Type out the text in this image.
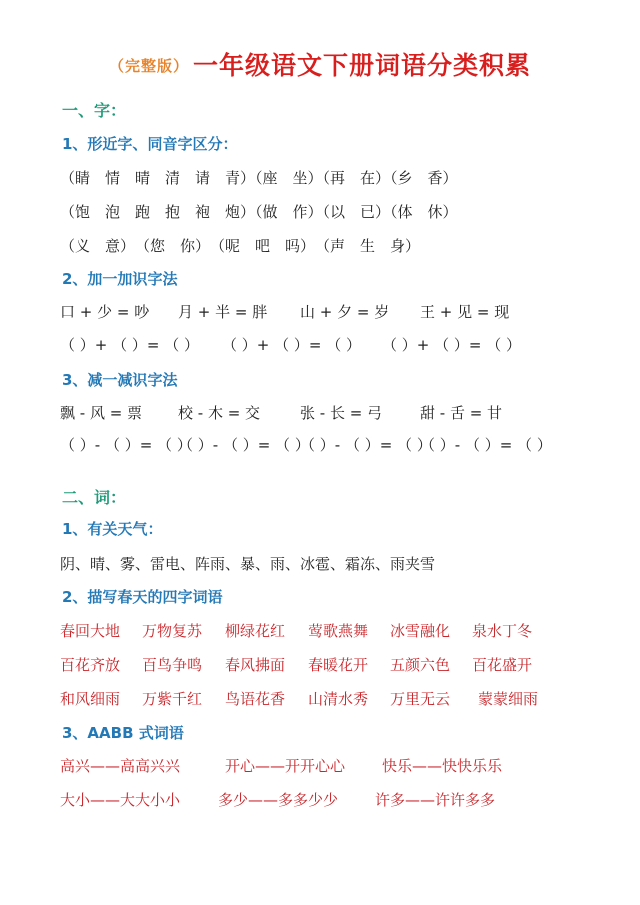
（完整版） 一年级语文下册词语分类积累
一、字：
1、形近字、同音字区分：
（睛　情　晴　清　请　青）（座　坐）（再　在）（乡　香）
（饱　泡　跑　抱　袍　炮）（做　作）（以　已）（体　休）
（义　意）　（您　你）　（呢　吧　吗）　（声　生　身）
2、加一加识字法
口 + 少 = 吵 月 + 半 = 胖 山 + 夕 = 岁 王 + 见 = 现
（ ）+ （ ）= （ ） （ ）+ （ ）= （ ） （ ）+ （ ）= （ ）
3、减一减识字法
飘 - 风 = 票 校 - 木 = 交	张 - 长 = 弓	甜 - 舌 = 甘
（ ）- （ ）= （ ）
（ ）- （ ）= （ ）
（ ）- （ ）= （ ）
（ ）- （ ）= （ ）
二、词：
1、有关天气：
阴、晴、雾、雷电、阵雨、暴、雨、冰雹、霜冻、雨夹雪
2、描写春天的四字词语
春回大地 万物复苏 柳绿花红 莺歌燕舞 冰雪融化 泉水丁冬
百花齐放 百鸟争鸣 春风拂面 春暖花开 五颜六色 百花盛开
和风细雨 万紫千红 鸟语花香 山清水秀 万里无云 蒙蒙细雨
3、AABB 式词语
高兴——高高兴兴	开心——开开心心 快乐——快快乐乐
大小——大大小小	多少——多多少少 许多——许许多多
